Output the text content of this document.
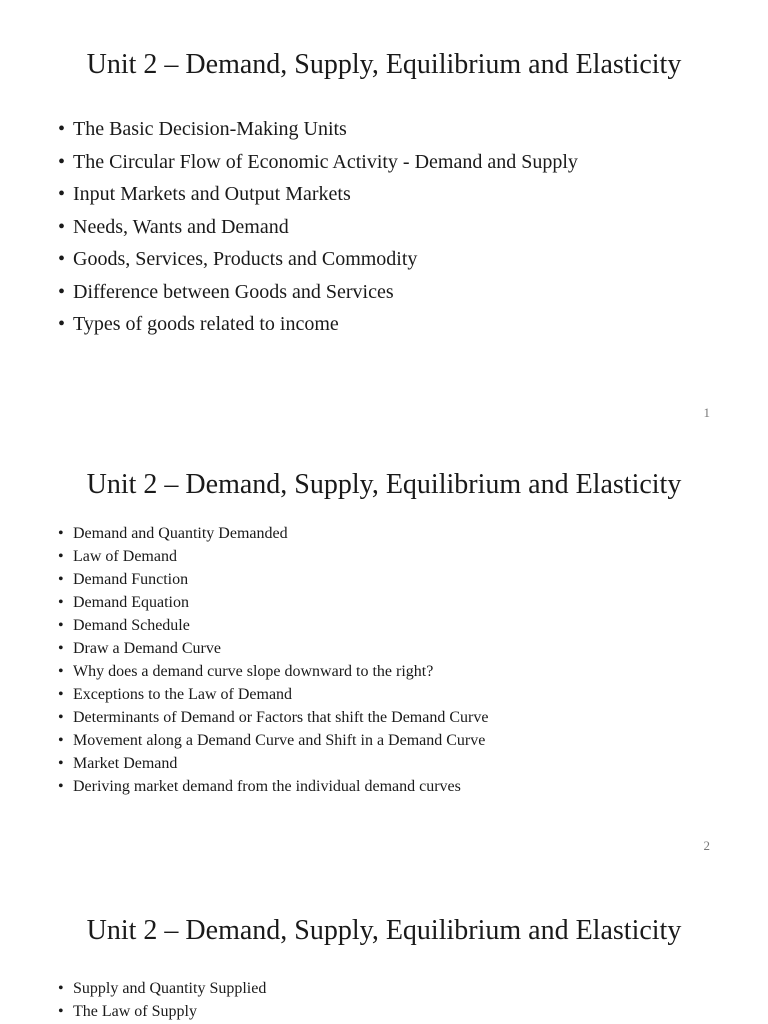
Unit 2 – Demand, Supply, Equilibrium and Elasticity
• The Basic Decision-Making Units
• The Circular Flow of Economic Activity - Demand and Supply
• Input Markets and Output Markets
• Needs, Wants and Demand
• Goods, Services, Products and Commodity
• Difference between Goods and Services
• Types of goods related to income
1
Unit 2 – Demand, Supply, Equilibrium and Elasticity
• Demand and Quantity Demanded
• Law of Demand
• Demand Function
• Demand Equation
• Demand Schedule
• Draw a Demand Curve
• Why does a demand curve slope downward to the right?
• Exceptions to the Law of Demand
• Determinants of Demand or Factors that shift the Demand Curve
• Movement along a Demand Curve and Shift in a Demand Curve
• Market Demand
• Deriving market demand from the individual demand curves
2
Unit 2 – Demand, Supply, Equilibrium and Elasticity
• Supply and Quantity Supplied
• The Law of Supply
